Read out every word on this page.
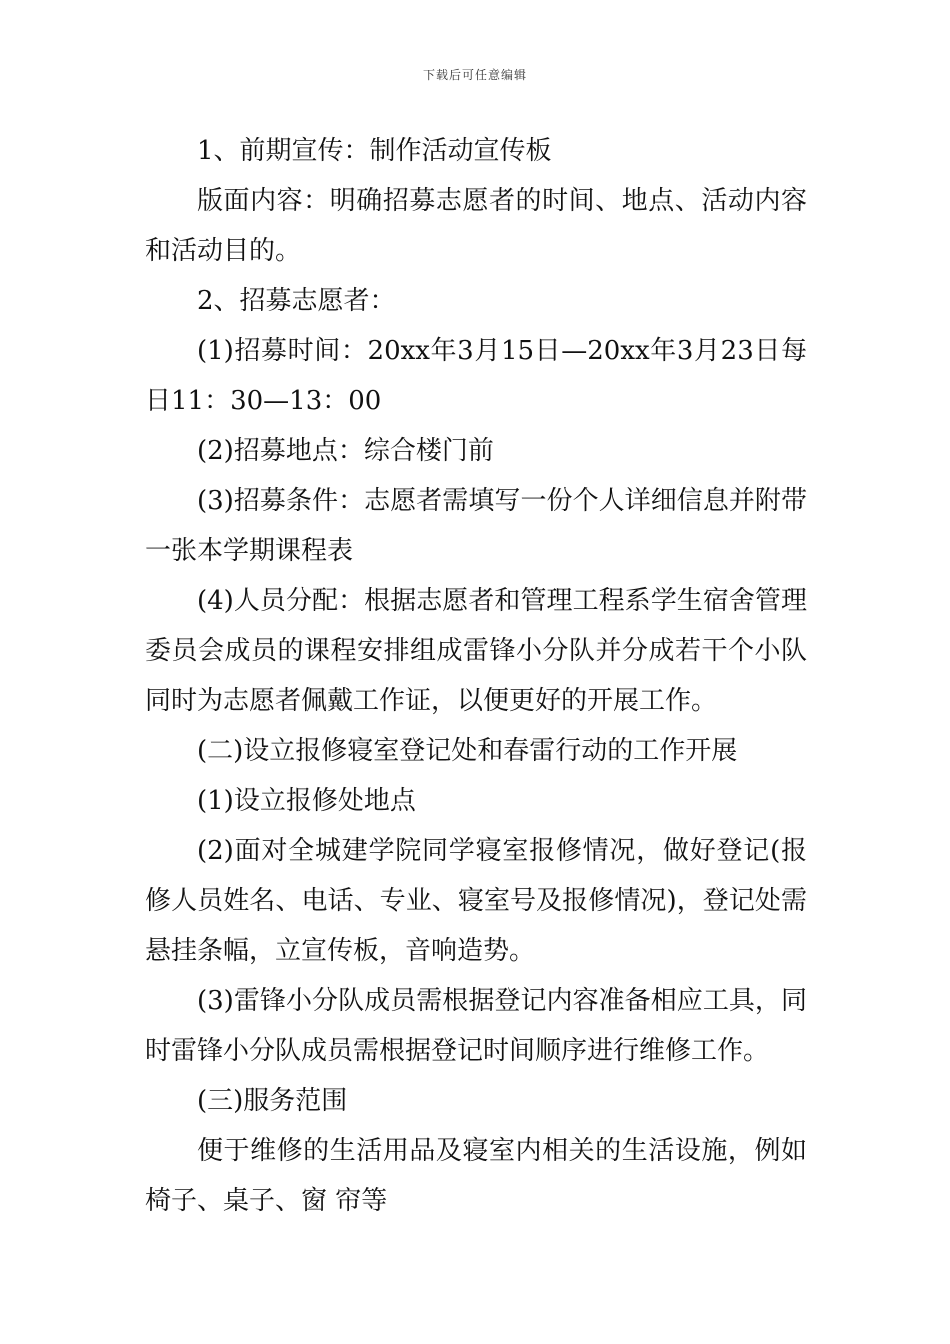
下载后可任意编辑

1、前期宣传：制作活动宣传板

版面内容：明确招募志愿者的时间、地点、活动内容和活动目的。

2、招募志愿者：

(1)招募时间：20xx年3月15日—20xx年3月23日每日11：30—13：00

(2)招募地点：综合楼门前

(3)招募条件：志愿者需填写一份个人详细信息并附带一张本学期课程表

(4)人员分配：根据志愿者和管理工程系学生宿舍管理委员会成员的课程安排组成雷锋小分队并分成若干个小队同时为志愿者佩戴工作证，以便更好的开展工作。

(二)设立报修寝室登记处和春雷行动的工作开展

(1)设立报修处地点

(2)面对全城建学院同学寝室报修情况，做好登记(报修人员姓名、电话、专业、寝室号及报修情况)，登记处需悬挂条幅，立宣传板，音响造势。

(3)雷锋小分队成员需根据登记内容准备相应工具，同时雷锋小分队成员需根据登记时间顺序进行维修工作。

(三)服务范围

便于维修的生活用品及寝室内相关的生活设施，例如椅子、桌子、窗 帘等
